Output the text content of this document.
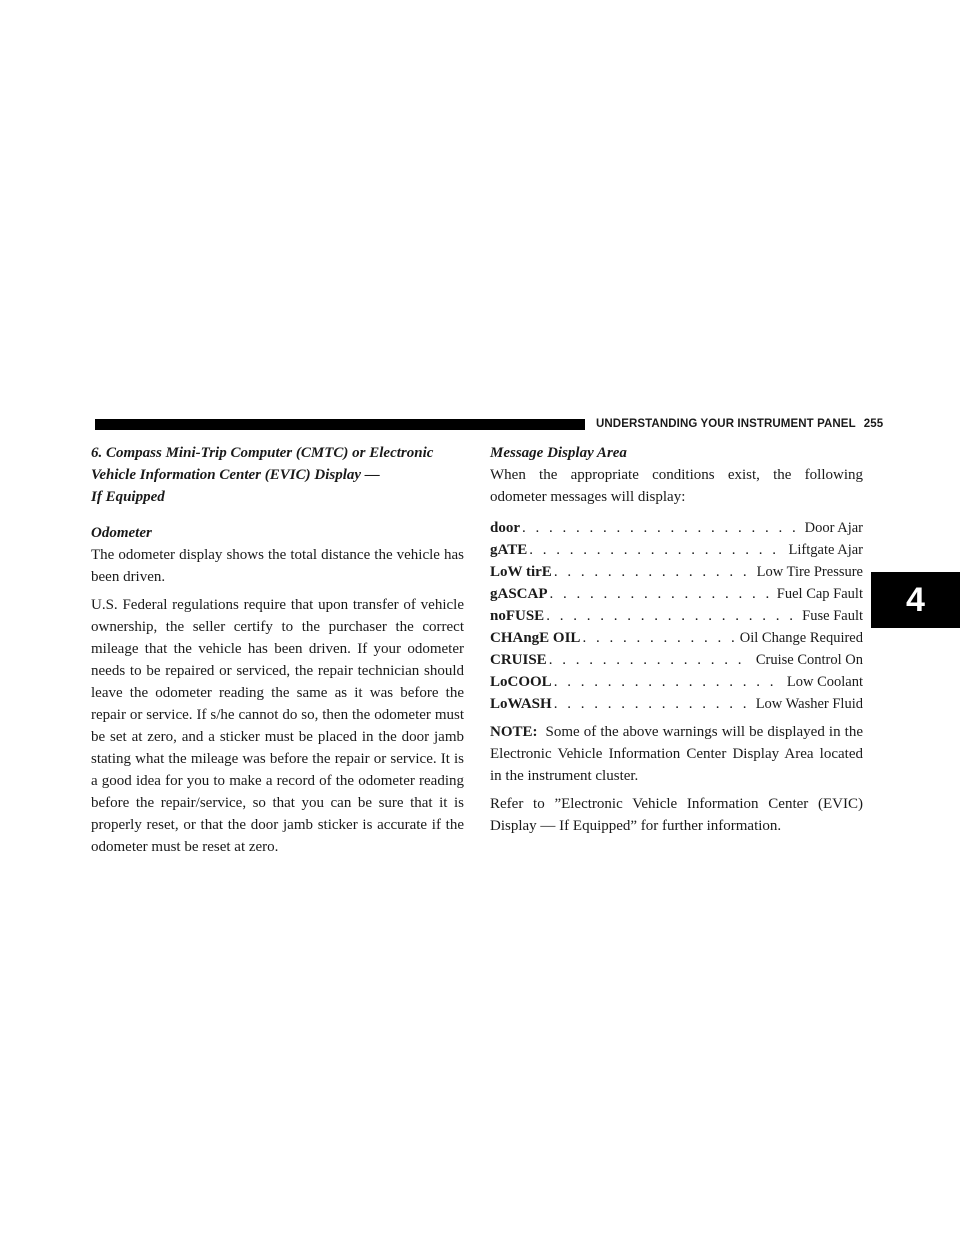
UNDERSTANDING YOUR INSTRUMENT PANEL 255
4
6. Compass Mini-Trip Computer (CMTC) or Electronic
Vehicle Information Center (EVIC) Display —
If Equipped
Odometer

The odometer display shows the total distance the vehicle has been driven.

U.S. Federal regulations require that upon transfer of vehicle ownership, the seller certify to the purchaser the correct mileage that the vehicle has been driven. If your odometer needs to be repaired or serviced, the repair technician should leave the odometer reading the same as it was before the repair or service. If s/he cannot do so, then the odometer must be set at zero, and a sticker must be placed in the door jamb stating what the mileage was before the repair or service. It is a good idea for you to make a record of the odometer reading before the repair/service, so that you can be sure that it is properly reset, or that the door jamb sticker is accurate if the odometer must be reset at zero.

Message Display Area

When the appropriate conditions exist, the following odometer messages will display:

door . . .	Door Ajar
gATE . . .	Liftgate Ajar
LoW tirE . . .	Low Tire Pressure
gASCAP . . .	Fuel Cap Fault
noFUSE . . .	Fuse Fault
CHAngE OIL . . .	Oil Change Required
CRUISE . . .	Cruise Control On
LoCOOL . . .	Low Coolant
LoWASH . . .	Low Washer Fluid

NOTE: Some of the above warnings will be displayed in the Electronic Vehicle Information Center Display Area located in the instrument cluster.

Refer to ”Electronic Vehicle Information Center (EVIC) Display — If Equipped” for further information.
